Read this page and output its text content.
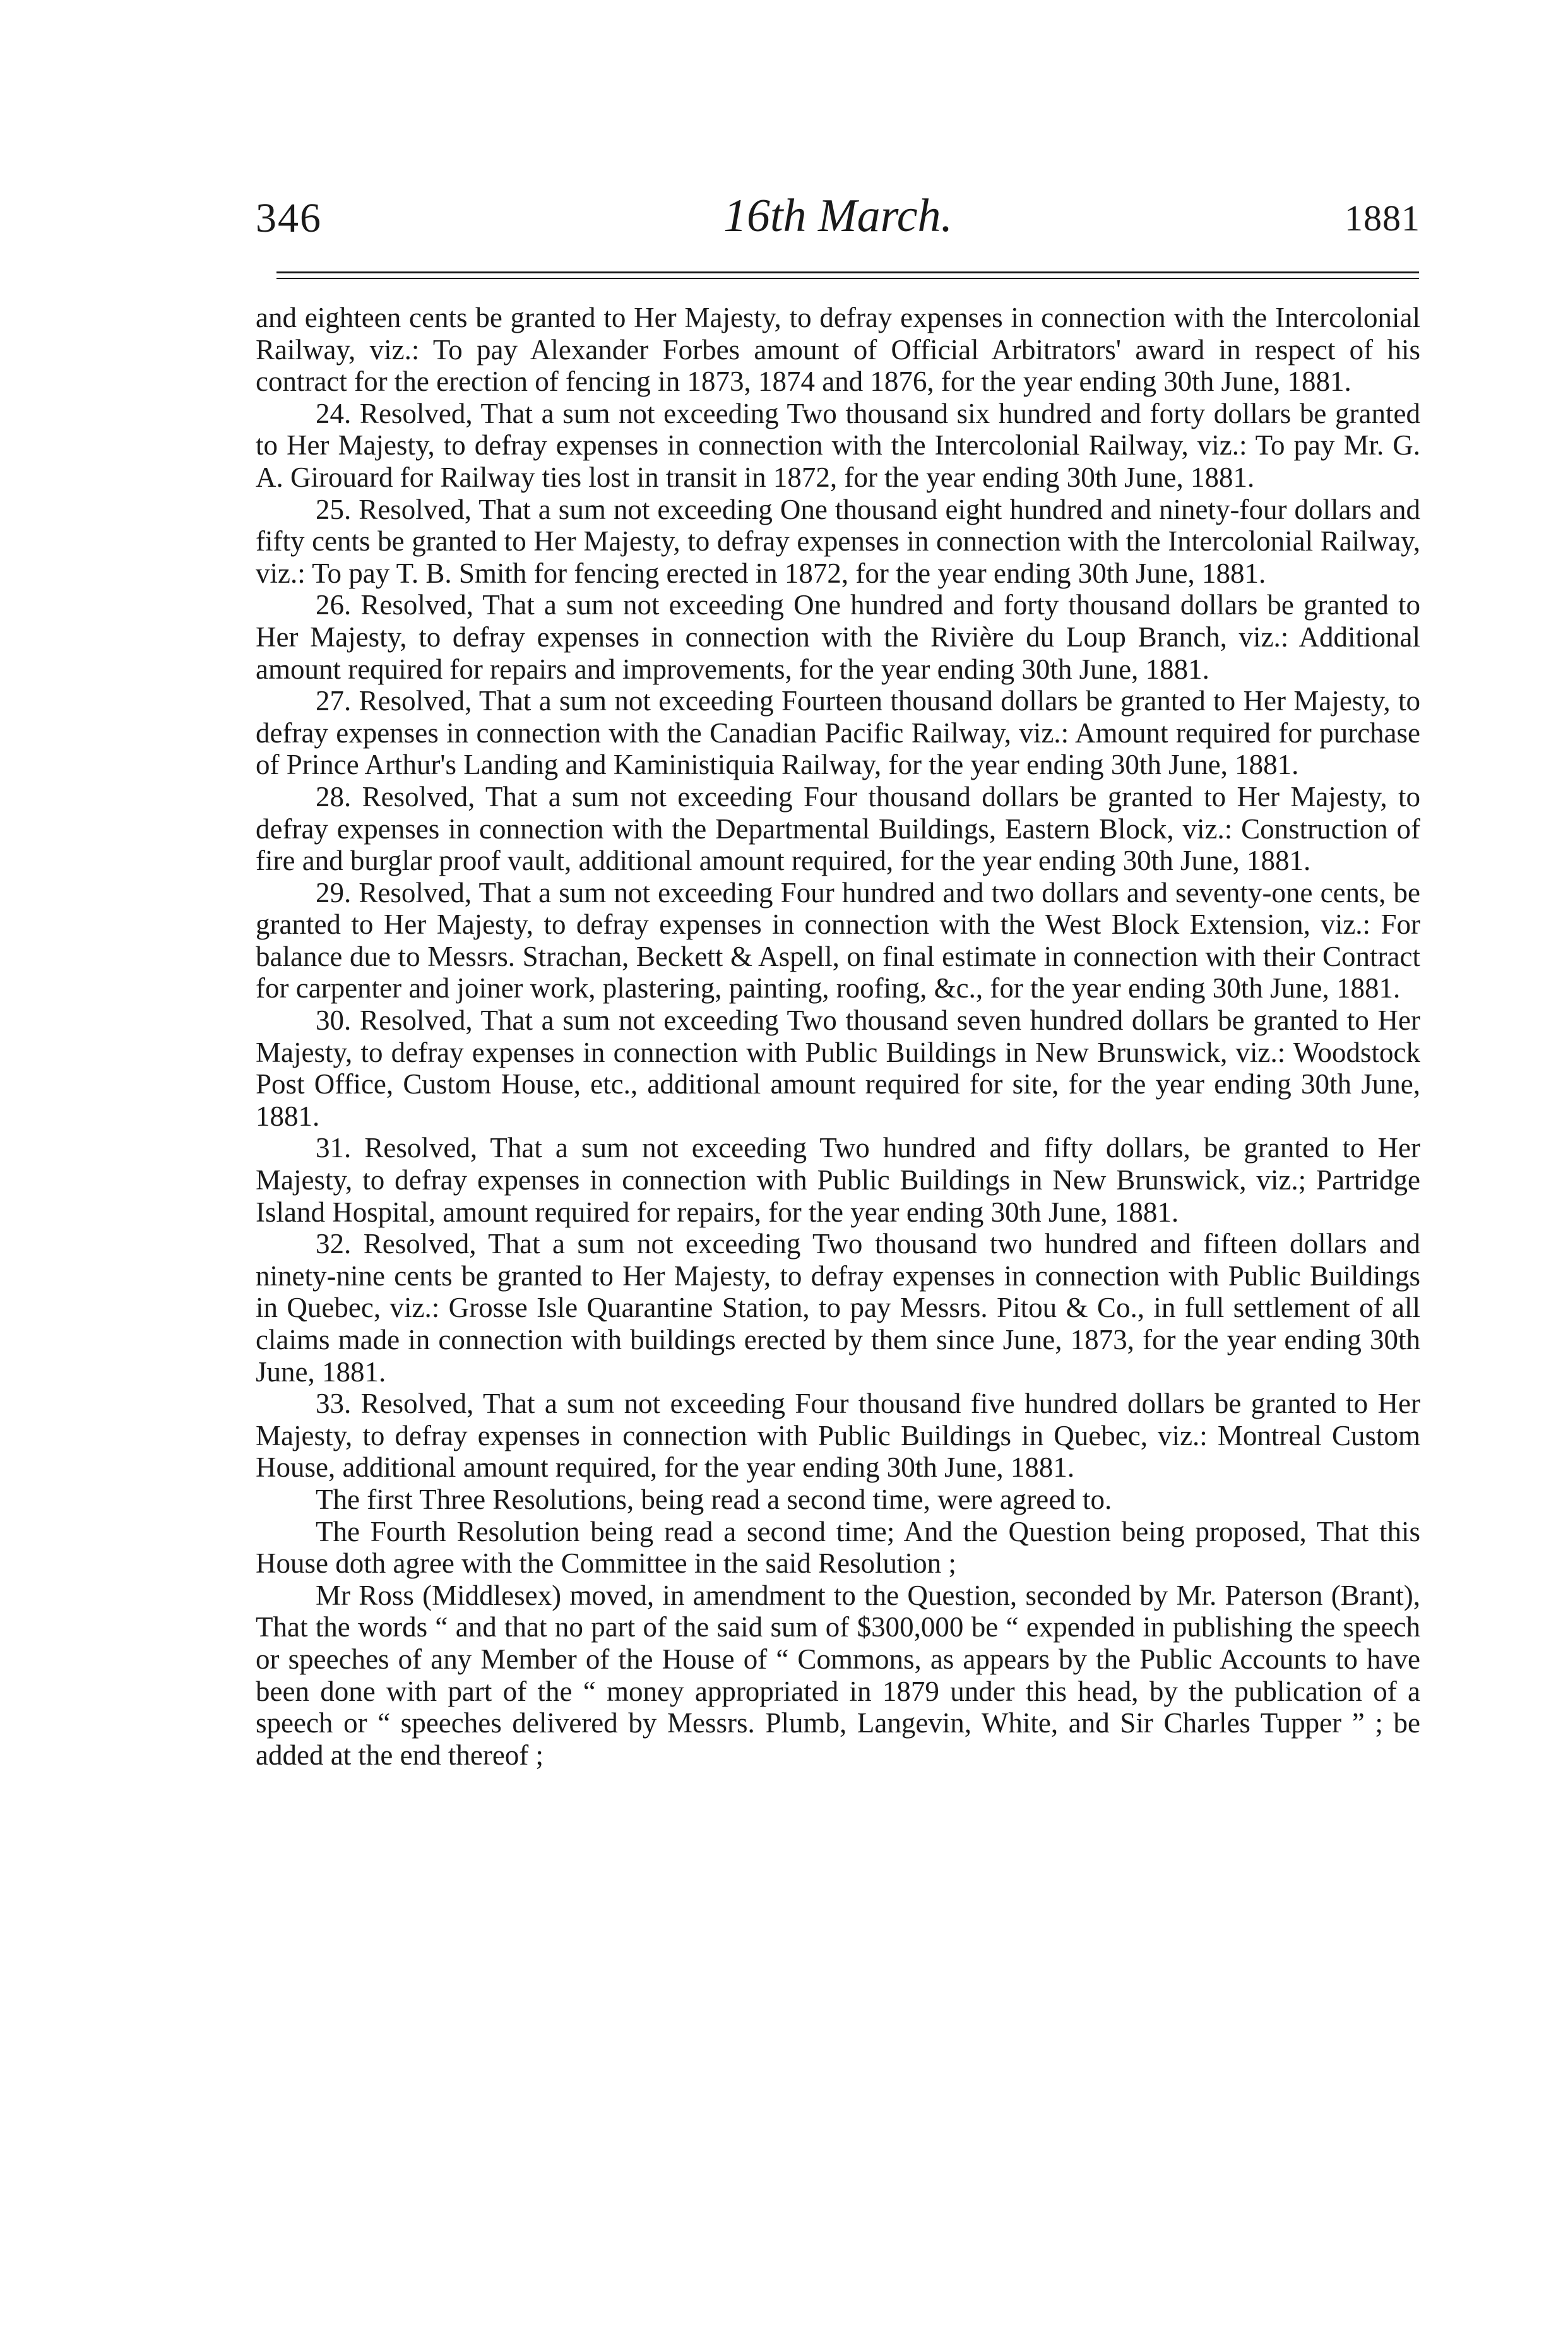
346	16th March.	1881

and eighteen cents be granted to Her Majesty, to defray expenses in connection with the Intercolonial Railway, viz.: To pay Alexander Forbes amount of Official Arbitrators' award in respect of his contract for the erection of fencing in 1873, 1874 and 1876, for the year ending 30th June, 1881.

24. Resolved, That a sum not exceeding Two thousand six hundred and forty dollars be granted to Her Majesty, to defray expenses in connection with the Intercolonial Railway, viz.: To pay Mr. G. A. Girouard for Railway ties lost in transit in 1872, for the year ending 30th June, 1881.

25. Resolved, That a sum not exceeding One thousand eight hundred and ninety-four dollars and fifty cents be granted to Her Majesty, to defray expenses in connection with the Intercolonial Railway, viz.: To pay T. B. Smith for fencing erected in 1872, for the year ending 30th June, 1881.

26. Resolved, That a sum not exceeding One hundred and forty thousand dollars be granted to Her Majesty, to defray expenses in connection with the Rivière du Loup Branch, viz.: Additional amount required for repairs and improvements, for the year ending 30th June, 1881.

27. Resolved, That a sum not exceeding Fourteen thousand dollars be granted to Her Majesty, to defray expenses in connection with the Canadian Pacific Railway, viz.: Amount required for purchase of Prince Arthur's Landing and Kaministiquia Railway, for the year ending 30th June, 1881.

28. Resolved, That a sum not exceeding Four thousand dollars be granted to Her Majesty, to defray expenses in connection with the Departmental Buildings, Eastern Block, viz.: Construction of fire and burglar proof vault, additional amount required, for the year ending 30th June, 1881.

29. Resolved, That a sum not exceeding Four hundred and two dollars and seventy-one cents, be granted to Her Majesty, to defray expenses in connection with the West Block Extension, viz.: For balance due to Messrs. Strachan, Beckett & Aspell, on final estimate in connection with their Contract for carpenter and joiner work, plastering, painting, roofing, &c., for the year ending 30th June, 1881.

30. Resolved, That a sum not exceeding Two thousand seven hundred dollars be granted to Her Majesty, to defray expenses in connection with Public Buildings in New Brunswick, viz.: Woodstock Post Office, Custom House, etc., additional amount required for site, for the year ending 30th June, 1881.

31. Resolved, That a sum not exceeding Two hundred and fifty dollars, be granted to Her Majesty, to defray expenses in connection with Public Buildings in New Brunswick, viz.; Partridge Island Hospital, amount required for repairs, for the year ending 30th June, 1881.

32. Resolved, That a sum not exceeding Two thousand two hundred and fifteen dollars and ninety-nine cents be granted to Her Majesty, to defray expenses in connection with Public Buildings in Quebec, viz.: Grosse Isle Quarantine Station, to pay Messrs. Pitou & Co., in full settlement of all claims made in connection with buildings erected by them since June, 1873, for the year ending 30th June, 1881.

33. Resolved, That a sum not exceeding Four thousand five hundred dollars be granted to Her Majesty, to defray expenses in connection with Public Buildings in Quebec, viz.: Montreal Custom House, additional amount required, for the year ending 30th June, 1881.

The first Three Resolutions, being read a second time, were agreed to.

The Fourth Resolution being read a second time; And the Question being proposed, That this House doth agree with the Committee in the said Resolution ;

Mr Ross (Middlesex) moved, in amendment to the Question, seconded by Mr. Paterson (Brant), That the words “ and that no part of the said sum of $300,000 be “ expended in publishing the speech or speeches of any Member of the House of “ Commons, as appears by the Public Accounts to have been done with part of the “ money appropriated in 1879 under this head, by the publication of a speech or “ speeches delivered by Messrs. Plumb, Langevin, White, and Sir Charles Tupper ” ; be added at the end thereof ;
